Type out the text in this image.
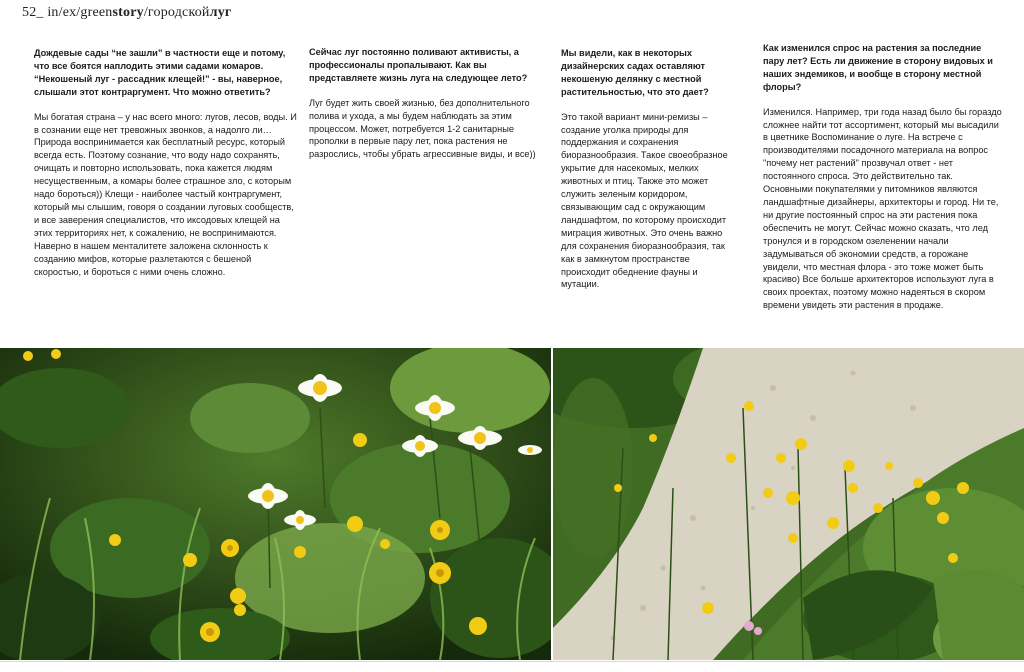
52_ in/ex/greenstory/городскойлуг

Дождевые сады “не зашли” в частности еще и потому, что все боятся наплодить этими садами комаров. “Некошеный луг - рассадник клещей!” - вы, наверное, слышали этот контраргумент. Что можно ответить?

Мы богатая страна – у нас всего много: лугов, лесов, воды. И в сознании еще нет тревожных звонков, а надолго ли… Природа воспринимается как бесплатный ресурс, который всегда есть. Поэтому сознание, что воду надо сохранять, очищать и повторно использовать, пока кажется людям несущественным, а комары более страшное зло, с которым надо бороться)) Клещи - наиболее частый контраргумент, который мы слышим, говоря о создании луговых сообществ, и все заверения специалистов, что иксодовых клещей на этих территориях нет, к сожалению, не воспринимаются. Наверно в нашем менталитете заложена склонность к созданию мифов, которые разлетаются с бешеной скоростью, и бороться с ними очень сложно.

Сейчас луг постоянно поливают активисты, а профессионалы пропалывают. Как вы представляете жизнь луга на следующее лето?

Луг будет жить своей жизнью, без дополнительного полива и ухода, а мы будем наблюдать за этим процессом. Может, потребуется 1-2 санитарные прополки в первые пару лет, пока растения не разрослись, чтобы убрать агрессивные виды, и все))

Мы видели, как в некоторых дизайнерских садах оставляют некошеную делянку с местной растительностью, что это дает?

Это такой вариант мини-ремизы – создание уголка природы для поддержания и сохранения биоразнообразия. Такое своеобразное укрытие для насекомых, мелких животных и птиц. Также это может служить зеленым коридором, связывающим сад с окружающим ландшафтом, по которому происходит миграция животных. Это очень важно для сохранения биоразнообразия, так как в замкнутом пространстве происходит обеднение фауны и мутации.

Как изменился спрос на растения за последние пару лет? Есть ли движение в сторону видовых и наших эндемиков, и вообще в сторону местной флоры?

Изменился. Например, три года назад было бы гораздо сложнее найти тот ассортимент, который мы высадили в цветнике Воспоминание о луге. На встрече с производителями посадочного материала на вопрос "почему нет растений" прозвучал ответ - нет постоянного спроса. Это действительно так. Основными покупателями у питомников являются ландшафтные дизайнеры, архитекторы и город. Ни те, ни другие постоянный спрос на эти растения пока обеспечить не могут. Сейчас можно сказать, что лед тронулся и в городском озеленении начали задумываться об экономии средств, а горожане увидели, что местная флора - это тоже может быть красиво) Все больше архитекторов используют луга в своих проектах, поэтому можно надеяться в скором времени увидеть эти растения в продаже.
